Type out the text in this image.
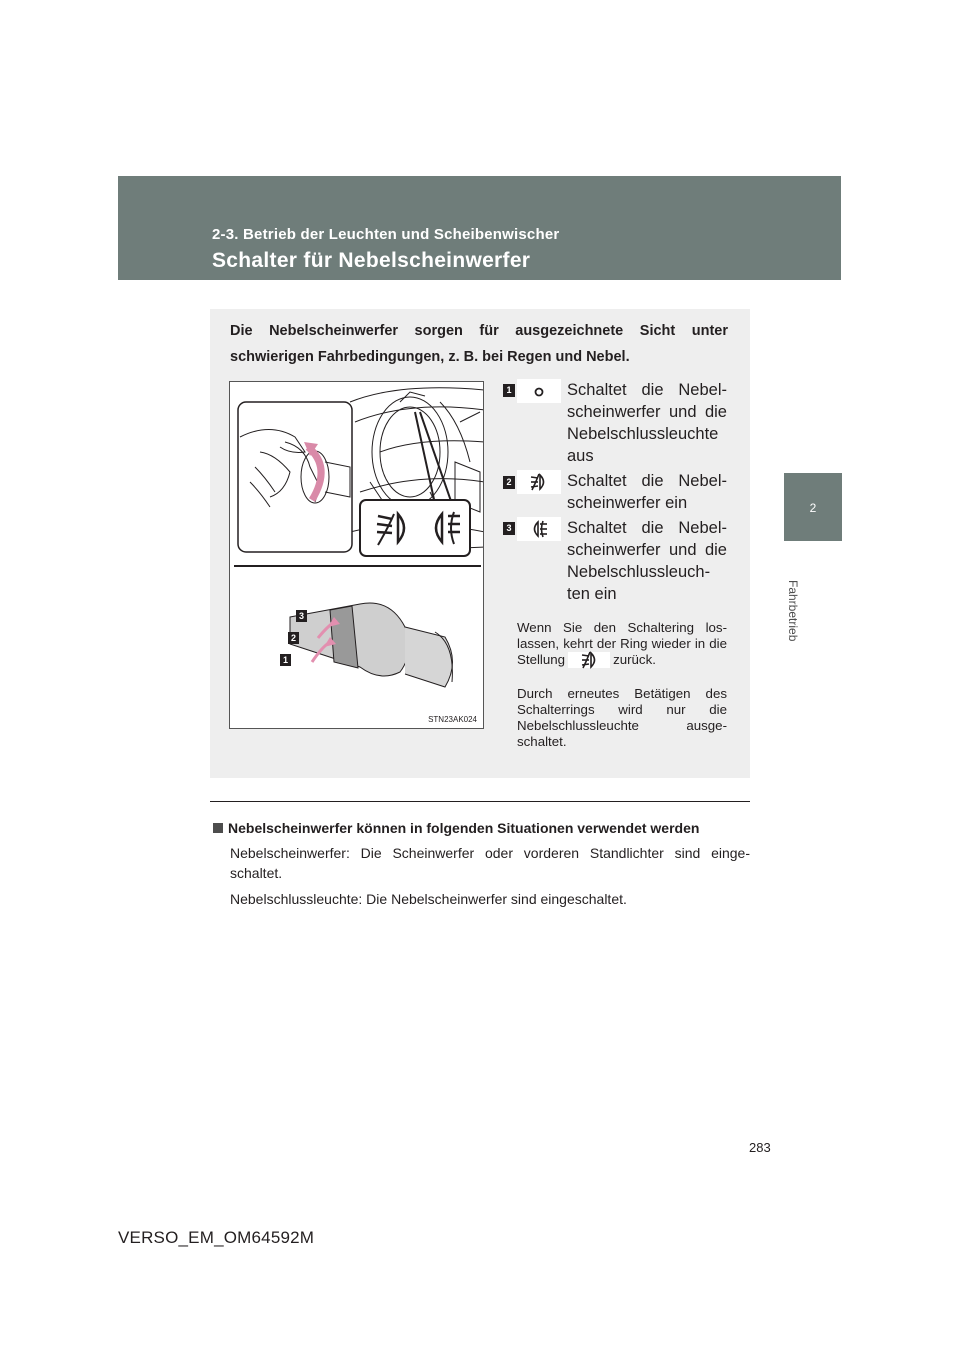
2-3. Betrieb der Leuchten und Scheibenwischer
Schalter für Nebelscheinwerfer
2
Fahrbetrieb
Die Nebelscheinwerfer sorgen für ausgezeichnete Sicht unter schwierigen Fahrbedingungen, z. B. bei Regen und Nebel.
3
2
1
STN23AK024
1	Schaltet die Nebel-scheinwerfer und die Nebelschlussleuchte aus
2	Schaltet die Nebel-scheinwerfer ein
3	Schaltet die Nebel-scheinwerfer und die Nebelschlussleuch-ten ein
Wenn Sie den Schaltering los-lassen, kehrt der Ring wieder in die Stellung	zurück.
Durch erneutes Betätigen des Schalterrings wird nur die Nebelschlussleuchte ausge-schaltet.
Nebelscheinwerfer können in folgenden Situationen verwendet werden
Nebelscheinwerfer: Die Scheinwerfer oder vorderen Standlichter sind einge-schaltet.
Nebelschlussleuchte: Die Nebelscheinwerfer sind eingeschaltet.
283
VERSO_EM_OM64592M
